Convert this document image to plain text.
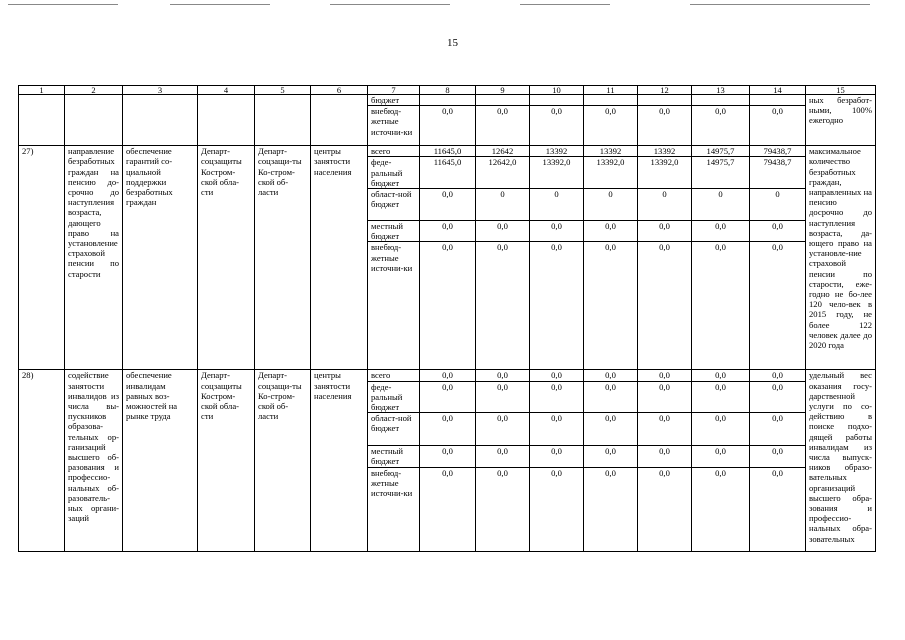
15
1	2	3	4	5	6	7	8	9	10	11	12	13	14	15
						бюджет								ных безработ-ными, 100% ежегодно
						внебюд-жетные источни-ки	0,0	0,0	0,0	0,0	0,0	0,0	0,0	
27)	направление безработных граждан на пенсию до-срочно до наступления возраста, дающего право на установление страховой пенсии по старости	обеспечение гарантий со-циальной поддержки безработных граждан	Департ-соцзащиты Костром-ской обла-сти	Департ-соцзащи-ты Ко-стром-ской об-ласти	центры занятости населения	всего	11645,0	12642	13392	13392	13392	14975,7	79438,7	максимальное количество безработных граждан, направленных на пенсию досрочно до наступления возраста, да-ющего право на установле-ние страховой пенсии по старости, еже-годно не бо-лее 120 чело-век в 2015 году, не более 122 человек далее до 2020 года
						феде-ральный бюджет	11645,0	12642,0	13392,0	13392,0	13392,0	14975,7	79438,7	
						област-ной бюджет	0,0	0	0	0	0	0	0	
						местный бюджет	0,0	0,0	0,0	0,0	0,0	0,0	0,0	
						внебюд-жетные источни-ки	0,0	0,0	0,0	0,0	0,0	0,0	0,0	
28)	содействие занятости инвалидов из числа вы-пускников образова-тельных ор-ганизаций высшего об-разования и профессио-нальных об-разователь-ных органи-заций	обеспечение инвалидам равных воз-можностей на рынке труда	Департ-соцзащиты Костром-ской обла-сти	Департ-соцзащи-ты Ко-стром-ской об-ласти	центры занятости населения	всего	0,0	0,0	0,0	0,0	0,0	0,0	0,0	удельный вес оказания госу-дарственной услуги по со-действию в поиске подхо-дящей работы инвалидам из числа выпуск-ников образо-вательных организаций высшего обра-зования и профессио-нальных обра-зовательных
						феде-ральный бюджет	0,0	0,0	0,0	0,0	0,0	0,0	0,0	
						област-ной бюджет	0,0	0,0	0,0	0,0	0,0	0,0	0,0	
						местный бюджет	0,0	0,0	0,0	0,0	0,0	0,0	0,0	
						внебюд-жетные источни-ки	0,0	0,0	0,0	0,0	0,0	0,0	0,0	
